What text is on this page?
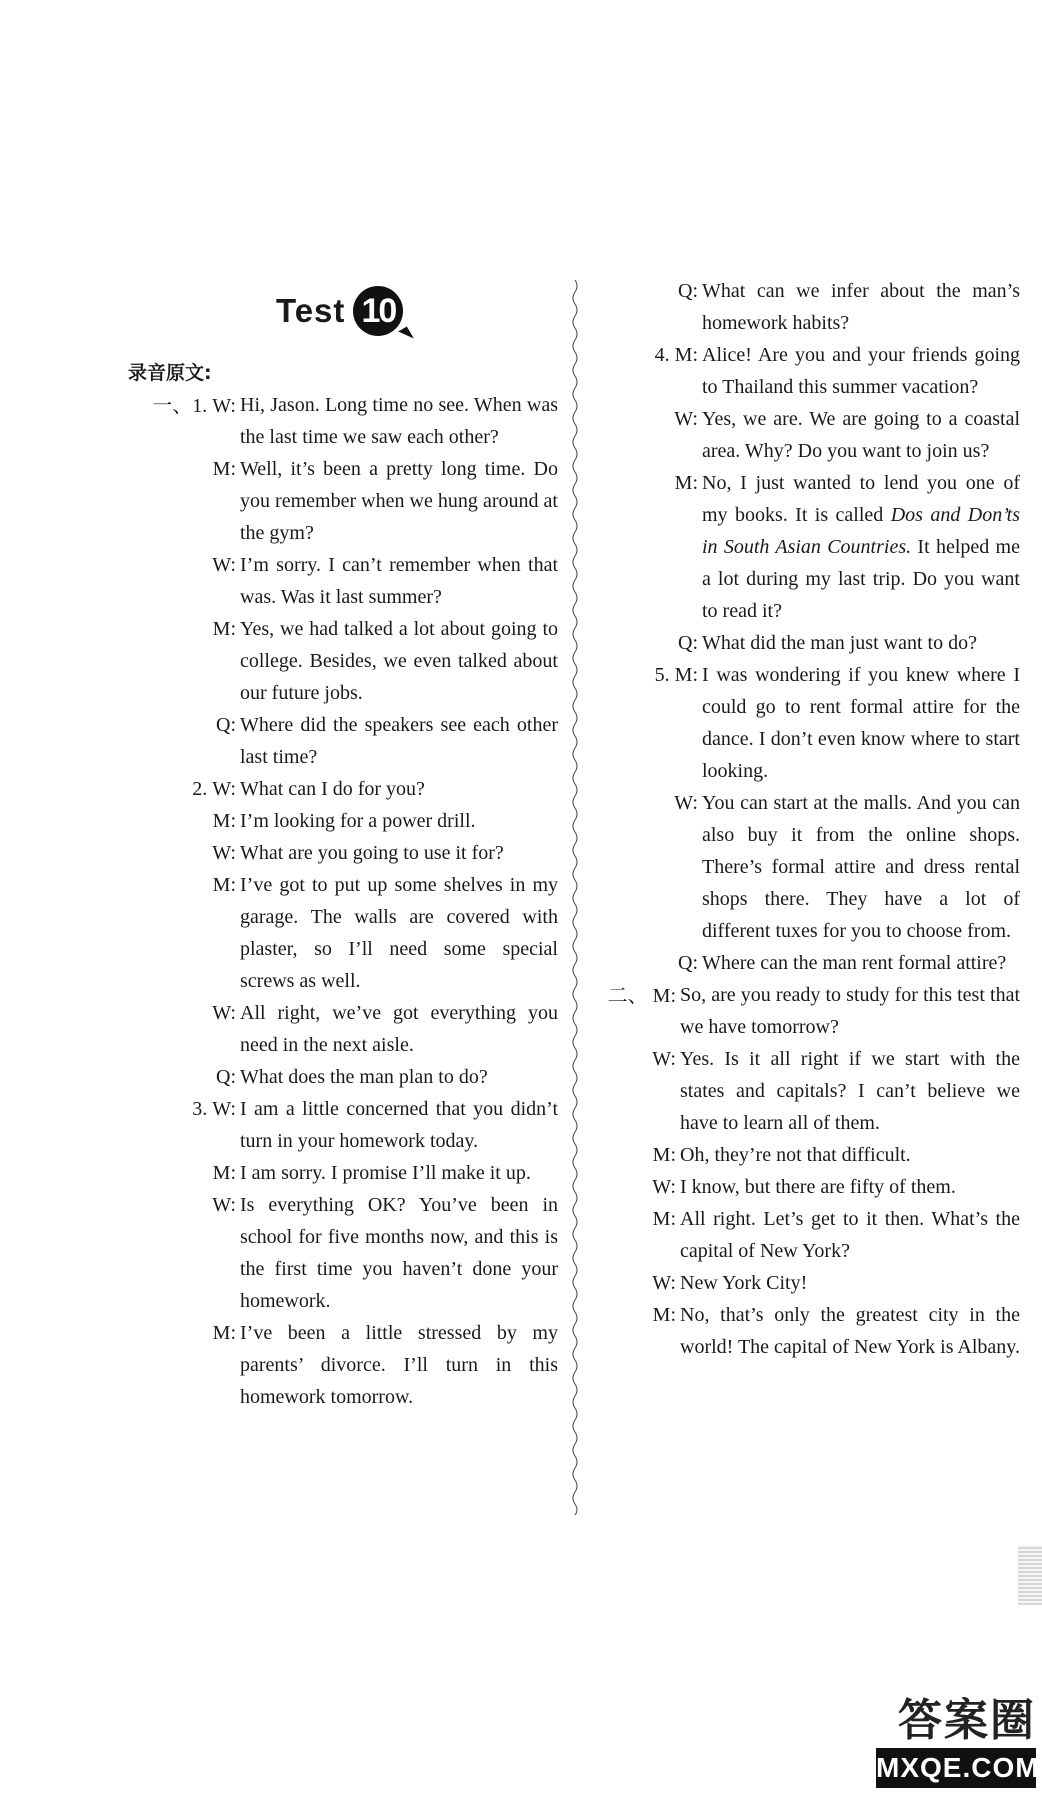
Test 10
录音原文:
一、1. W: Hi, Jason. Long time no see. When was the last time we saw each other?
M: Well, it’s been a pretty long time. Do you remember when we hung around at the gym?
W: I’m sorry. I can’t remember when that was. Was it last summer?
M: Yes, we had talked a lot about going to college. Besides, we even talked about our future jobs.
Q: Where did the speakers see each other last time?
2. W: What can I do for you?
M: I’m looking for a power drill.
W: What are you going to use it for?
M: I’ve got to put up some shelves in my garage. The walls are covered with plaster, so I’ll need some special screws as well.
W: All right, we’ve got everything you need in the next aisle.
Q: What does the man plan to do?
3. W: I am a little concerned that you didn’t turn in your homework today.
M: I am sorry. I promise I’ll make it up.
W: Is everything OK? You’ve been in school for five months now, and this is the first time you haven’t done your homework.
M: I’ve been a little stressed by my parents’ divorce. I’ll turn in this homework tomorrow.
Q: What can we infer about the man’s homework habits?
4. M: Alice! Are you and your friends going to Thailand this summer vacation?
W: Yes, we are. We are going to a coastal area. Why? Do you want to join us?
M: No, I just wanted to lend you one of my books. It is called Dos and Don’ts in South Asian Countries. It helped me a lot during my last trip. Do you want to read it?
Q: What did the man just want to do?
5. M: I was wondering if you knew where I could go to rent formal attire for the dance. I don’t even know where to start looking.
W: You can start at the malls. And you can also buy it from the online shops. There’s formal attire and dress rental shops there. They have a lot of different tuxes for you to choose from.
Q: Where can the man rent formal attire?
二、 M: So, are you ready to study for this test that we have tomorrow?
W: Yes. Is it all right if we start with the states and capitals? I can’t believe we have to learn all of them.
M: Oh, they’re not that difficult.
W: I know, but there are fifty of them.
M: All right. Let’s get to it then. What’s the capital of New York?
W: New York City!
M: No, that’s only the greatest city in the world! The capital of New York is Albany.
答案圈
MXQE.COM
